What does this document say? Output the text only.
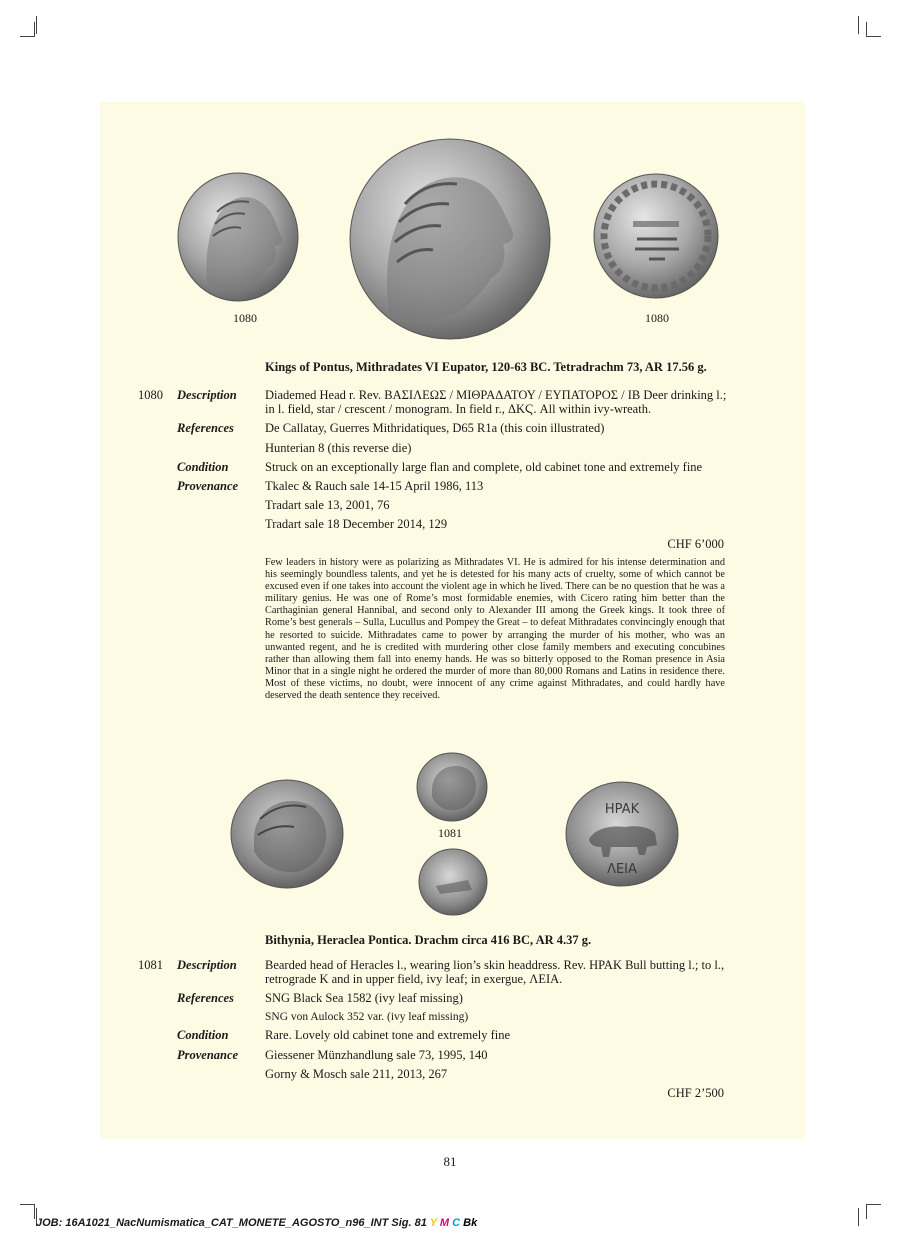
1080	1080
Kings of Pontus, Mithradates VI Eupator, 120-63 BC. Tetradrachm 73, AR 17.56 g.
1080 Description Diademed Head r. Rev. ΒΑΣΙΛΕΩΣ / ΜΙΘΡΑΔΑΤΟΥ / ΕΥΠΑΤΟΡΟΣ / ΙΒ Deer drinking l.; in l. field, star / crescent / monogram. In field r., ΔΚϚ. All within ivy-wreath.
References De Callatay, Guerres Mithridatiques, D65 R1a (this coin illustrated)
Hunterian 8 (this reverse die)
Condition	Struck on an exceptionally large flan and complete, old cabinet tone and extremely fine
Provenance Tkalec & Rauch sale 14-15 April 1986, 113
Tradart sale 13, 2001, 76
Tradart sale 18 December 2014, 129
CHF 6’000
Few leaders in history were as polarizing as Mithradates VI. He is admired for his intense determination and his seemingly boundless talents, and yet he is detested for his many acts of cruelty, some of which cannot be excused even if one takes into account the violent age in which he lived. There can be no question that he was a military genius. He was one of Rome’s most formidable enemies, with Cicero rating him better than the Carthaginian general Hannibal, and second only to Alexander III among the Greek kings. It took three of Rome’s best generals – Sulla, Lucullus and Pompey the Great – to defeat Mithradates convincingly enough that he resorted to suicide. Mithradates came to power by arranging the murder of his mother, who was an unwanted regent, and he is credited with murdering other close family members and executing concubines rather than allowing them fall into enemy hands. He was so bitterly opposed to the Roman presence in Asia Minor that in a single night he ordered the murder of more than 80,000 Romans and Latins in residence there. Most of these victims, no doubt, were innocent of any crime against Mithradates, and could hardly have deserved the death sentence they received.
1081
HPAK
ΛΕΙΑ
Bithynia, Heraclea Pontica. Drachm circa 416 BC, AR 4.37 g.
1081 Description Bearded head of Heracles l., wearing lion’s skin headdress. Rev. HPAK Bull butting l.; to l., retrograde K and in upper field, ivy leaf; in exergue, ΛΕΙΑ.
References SNG Black Sea 1582 (ivy leaf missing)
SNG von Aulock 352 var. (ivy leaf missing)
Condition	Rare. Lovely old cabinet tone and extremely fine
Provenance Giessener Münzhandlung sale 73, 1995, 140
Gorny & Mosch sale 211, 2013, 267
CHF 2’500
81
JOB: 16A1021_NacNumismatica_CAT_MONETE_AGOSTO_n96_INT Sig. 81 Y M C Bk
